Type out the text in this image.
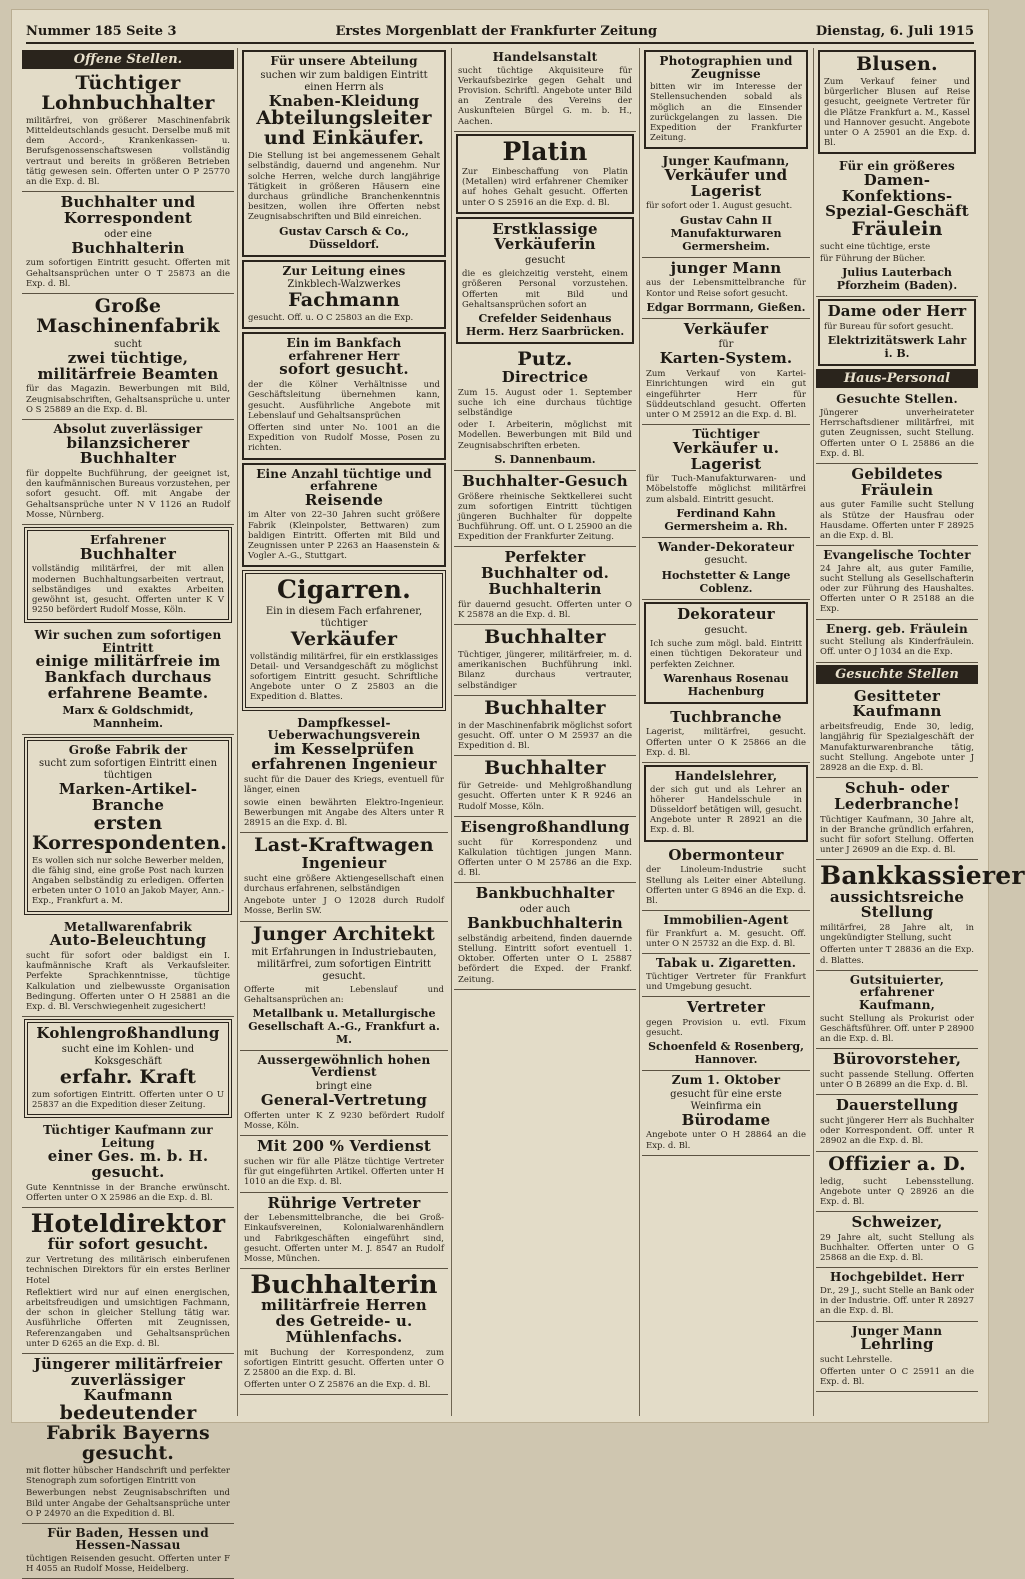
Nummer 185 Seite 3	Erstes Morgenblatt der Frankfurter Zeitung	Dienstag, 6. Juli 1915
Offene Stellen.
Tüchtiger Lohnbuchhalter
militärfrei, von größerer Maschinenfabrik Mitteldeutschlands gesucht. Derselbe muß mit dem Accord-, Krankenkassen- u. Berufsgenossenschaftswesen vollständig vertraut und bereits in größeren Betrieben tätig gewesen sein. Offerten unter O P 25770 an die Exp. d. Bl.
Buchhalter und Korrespondent
oder eine
Buchhalterin
zum sofortigen Eintritt gesucht. Offerten mit Gehaltsansprüchen unter O T 25873 an die Exp. d. Bl.
Große Maschinenfabrik
sucht
zwei tüchtige, militärfreie Beamten
für das Magazin. Bewerbungen mit Bild, Zeugnisabschriften, Gehaltsansprüche u. unter O S 25889 an die Exp. d. Bl.
Absolut zuverlässiger
bilanzsicherer Buchhalter
für doppelte Buchführung, der geeignet ist, den kaufmännischen Bureaus vorzustehen, per sofort gesucht. Off. mit Angabe der Gehaltsansprüche unter N V 1126 an Rudolf Mosse, Nürnberg.
Erfahrener
Buchhalter
vollständig militärfrei, der mit allen modernen Buchhaltungsarbeiten vertraut, selbständiges und exaktes Arbeiten gewöhnt ist, gesucht. Offerten unter K V 9250 befördert Rudolf Mosse, Köln.
Wir suchen zum sofortigen Eintritt
einige militärfreie im Bankfach durchaus erfahrene Beamte.
Marx & Goldschmidt, Mannheim.
Große Fabrik der
sucht zum sofortigen Eintritt einen tüchtigen
Marken-Artikel-Branche
ersten Korrespondenten.
Es wollen sich nur solche Bewerber melden, die fähig sind, eine große Post nach kurzen Angaben selbständig zu erledigen. Offerten erbeten unter O 1010 an Jakob Mayer, Ann.-Exp., Frankfurt a. M.
Metallwarenfabrik
Auto-Beleuchtung
sucht für sofort oder baldigst ein I. kaufmännische Kraft als Verkaufsleiter. Perfekte Sprachkenntnisse, tüchtige Kalkulation und zielbewusste Organisation Bedingung. Offerten unter O H 25881 an die Exp. d. Bl. Verschwiegenheit zugesichert!
Kohlengroßhandlung
sucht eine im Kohlen- und Koksgeschäft
erfahr. Kraft
zum sofortigen Eintritt. Offerten unter O U 25837 an die Expedition dieser Zeitung.
Tüchtiger Kaufmann zur Leitung
einer Ges. m. b. H. gesucht.
Gute Kenntnisse in der Branche erwünscht. Offerten unter O X 25986 an die Exp. d. Bl.
Hoteldirektor
für sofort gesucht.
zur Vertretung des militärisch einberufenen technischen Direktors für ein erstes Berliner Hotel
Reflektiert wird nur auf einen energischen, arbeitsfreudigen und umsichtigen Fachmann, der schon in gleicher Stellung tätig war. Ausführliche Offerten mit Zeugnissen, Referenzangaben und Gehaltsansprüchen unter D 6265 an die Exp. d. Bl.
Jüngerer militärfreier
zuverlässiger Kaufmann
bedeutender Fabrik Bayerns gesucht.
mit flotter hübscher Handschrift und perfekter Stenograph zum sofortigen Eintritt von
Bewerbungen nebst Zeugnisabschriften und Bild unter Angabe der Gehaltsansprüche unter O P 24970 an die Expedition d. Bl.
Für Baden, Hessen und Hessen-Nassau
tüchtigen Reisenden gesucht. Offerten unter F H 4055 an Rudolf Mosse, Heidelberg.
Für unsere Abteilung
suchen wir zum baldigen Eintritt einen Herrn als
Knaben-Kleidung
Abteilungsleiter und Einkäufer.
Die Stellung ist bei angemessenem Gehalt selbständig, dauernd und angenehm. Nur solche Herren, welche durch langjährige Tätigkeit in größeren Häusern eine durchaus gründliche Branchenkenntnis besitzen, wollen ihre Offerten nebst Zeugnisabschriften und Bild einreichen.
Gustav Carsch & Co., Düsseldorf.
Zur Leitung eines
Zinkblech-Walzwerkes
Fachmann
gesucht. Off. u. O C 25803 an die Exp.
Ein im Bankfach erfahrener Herr
sofort gesucht.
der die Kölner Verhältnisse und Geschäftsleitung übernehmen kann, gesucht. Ausführliche Angebote mit Lebenslauf und Gehaltsansprüchen
Offerten sind unter No. 1001 an die Expedition von Rudolf Mosse, Posen zu richten.
Eine Anzahl tüchtige und erfahrene
Reisende
im Alter von 22–30 Jahren sucht größere Fabrik (Kleinpolster, Bettwaren) zum baldigen Eintritt. Offerten mit Bild und Zeugnissen unter P 2263 an Haasenstein & Vogler A.-G., Stuttgart.
Cigarren.
Ein in diesem Fach erfahrener, tüchtiger
Verkäufer
vollständig militärfrei, für ein erstklassiges Detail- und Versandgeschäft zu möglichst sofortigem Eintritt gesucht. Schriftliche Angebote unter O Z 25803 an die Expedition d. Blattes.
Dampfkessel-Ueberwachungsverein
im Kesselprüfen erfahrenen Ingenieur
sucht für die Dauer des Kriegs, eventuell für länger, einen
sowie einen bewährten Elektro-Ingenieur. Bewerbungen mit Angabe des Alters unter R 28915 an die Exp. d. Bl.
Last-Kraftwagen
Ingenieur
sucht eine größere Aktiengesellschaft einen durchaus erfahrenen, selbständigen
Angebote unter J O 12028 durch Rudolf Mosse, Berlin SW.
Junger Architekt
mit Erfahrungen in Industriebauten, militärfrei, zum sofortigen Eintritt gesucht.
Offerte mit Lebenslauf und Gehaltsansprüchen an:
Metallbank u. Metallurgische Gesellschaft A.-G., Frankfurt a. M.
Aussergewöhnlich hohen Verdienst
bringt eine
General-Vertretung
Offerten unter K Z 9230 befördert Rudolf Mosse, Köln.
Mit 200 % Verdienst
suchen wir für alle Plätze tüchtige Vertreter für gut eingeführten Artikel. Offerten unter H 1010 an die Exp. d. Bl.
Rührige Vertreter
der Lebensmittelbranche, die bei Groß-Einkaufsvereinen, Kolonialwarenhändlern und Fabrikgeschäften eingeführt sind, gesucht. Offerten unter M. J. 8547 an Rudolf Mosse, München.
Buchhalterin
militärfreie Herren des Getreide- u. Mühlenfachs.
mit Buchung der Korrespondenz, zum sofortigen Eintritt gesucht. Offerten unter O Z 25800 an die Exp. d. Bl.
Offerten unter O Z 25876 an die Exp. d. Bl.
Handelsanstalt
sucht tüchtige Akquisiteure für Verkaufsbezirke gegen Gehalt und Provision. Schriftl. Angebote unter Bild an Zentrale des Vereins der Auskunfteien Bürgel G. m. b. H., Aachen.
Platin
Zur Einbeschaffung von Platin (Metallen) wird erfahrener Chemiker auf hohes Gehalt gesucht. Offerten unter O S 25916 an die Exp. d. Bl.
Erstklassige Verkäuferin
gesucht
die es gleichzeitig versteht, einem größeren Personal vorzustehen. Offerten mit Bild und Gehaltsansprüchen sofort an
Crefelder Seidenhaus Herm. Herz Saarbrücken.
Putz.
Directrice
Zum 15. August oder 1. September suche ich eine durchaus tüchtige selbständige
oder I. Arbeiterin, möglichst mit Modellen. Bewerbungen mit Bild und Zeugnisabschriften erbeten.
S. Dannenbaum.
Buchhalter-Gesuch
Größere rheinische Sektkellerei sucht zum sofortigen Eintritt tüchtigen jüngeren Buchhalter für doppelte Buchführung. Off. unt. O L 25900 an die Expedition der Frankfurter Zeitung.
Perfekter Buchhalter od. Buchhalterin
für dauernd gesucht. Offerten unter O K 25878 an die Exp. d. Bl.
Buchhalter
Tüchtiger, jüngerer, militärfreier, m. d. amerikanischen Buchführung inkl. Bilanz durchaus vertrauter, selbständiger
Buchhalter
in der Maschinenfabrik möglichst sofort gesucht. Off. unter O M 25937 an die Expedition d. Bl.
Buchhalter
für Getreide- und Mehlgroßhandlung gesucht. Offerten unter K R 9246 an Rudolf Mosse, Köln.
Eisengroßhandlung
sucht für Korrespondenz und Kalkulation tüchtigen jungen Mann. Offerten unter O M 25786 an die Exp. d. Bl.
Bankbuchhalter
oder auch
Bankbuchhalterin
selbständig arbeitend, finden dauernde Stellung. Eintritt sofort eventuell 1. Oktober. Offerten unter O L 25887 befördert die Exped. der Frankf. Zeitung.
Photographien und Zeugnisse
bitten wir im Interesse der Stellensuchenden sobald als möglich an die Einsender zurückgelangen zu lassen. Die Expedition der Frankfurter Zeitung.
Junger Kaufmann,
Verkäufer und Lagerist
für sofort oder 1. August gesucht.
Gustav Cahn II Manufakturwaren Germersheim.
junger Mann
aus der Lebensmittelbranche für Kontor und Reise sofort gesucht.
Edgar Borrmann, Gießen.
Verkäufer
für
Karten-System.
Zum Verkauf von Kartei-Einrichtungen wird ein gut eingeführter Herr für Süddeutschland gesucht. Offerten unter O M 25912 an die Exp. d. Bl.
Tüchtiger
Verkäufer u. Lagerist
für Tuch-Manufakturwaren- und Möbelstoffe möglichst militärfrei zum alsbald. Eintritt gesucht.
Ferdinand Kahn Germersheim a. Rh.
Wander-Dekorateur
gesucht.
Hochstetter & Lange Coblenz.
Dekorateur
gesucht.
Ich suche zum mögl. bald. Eintritt einen tüchtigen Dekorateur und perfekten Zeichner.
Warenhaus Rosenau Hachenburg
Tuchbranche
Lagerist, militärfrei, gesucht. Offerten unter O K 25866 an die Exp. d. Bl.
Handelslehrer,
der sich gut und als Lehrer an höherer Handelsschule in Düsseldorf betätigen will, gesucht. Angebote unter R 28921 an die Exp. d. Bl.
Obermonteur
der Linoleum-Industrie sucht Stellung als Leiter einer Abteilung. Offerten unter G 8946 an die Exp. d. Bl.
Immobilien-Agent
für Frankfurt a. M. gesucht. Off. unter O N 25732 an die Exp. d. Bl.
Tabak u. Zigaretten.
Tüchtiger Vertreter für Frankfurt und Umgebung gesucht.
Vertreter
gegen Provision u. evtl. Fixum gesucht.
Schoenfeld & Rosenberg, Hannover.
Zum 1. Oktober
gesucht für eine erste Weinfirma ein
Bürodame
Angebote unter O H 28864 an die Exp. d. Bl.
Blusen.
Zum Verkauf feiner und bürgerlicher Blusen auf Reise gesucht, geeignete Vertreter für die Plätze Frankfurt a. M., Kassel und Hannover gesucht. Angebote unter O A 25901 an die Exp. d. Bl.
Für ein größeres
Damen-Konfektions-Spezial-Geschäft
Fräulein
sucht eine tüchtige, erste
für Führung der Bücher.
Julius Lauterbach Pforzheim (Baden).
Dame oder Herr
für Bureau für sofort gesucht.
Elektrizitätswerk Lahr i. B.
Haus-Personal
Gesuchte Stellen.
Jüngerer unverheirateter Herrschaftsdiener militärfrei, mit guten Zeugnissen, sucht Stellung. Offerten unter O L 25886 an die Exp. d. Bl.
Gebildetes Fräulein
aus guter Familie sucht Stellung als Stütze der Hausfrau oder Hausdame. Offerten unter F 28925 an die Exp. d. Bl.
Evangelische Tochter
24 Jahre alt, aus guter Familie, sucht Stellung als Gesellschafterin oder zur Führung des Haushaltes. Offerten unter O R 25188 an die Exp.
Energ. geb. Fräulein
sucht Stellung als Kinderfräulein. Off. unter O J 1034 an die Exp.
Gesuchte Stellen
Gesitteter Kaufmann
arbeitsfreudig, Ende 30, ledig, langjährig für Spezialgeschäft der Manufakturwarenbranche tätig, sucht Stellung. Angebote unter J 28928 an die Exp. d. Bl.
Schuh- oder Lederbranche!
Tüchtiger Kaufmann, 30 Jahre alt, in der Branche gründlich erfahren, sucht für sofort Stellung. Offerten unter J 26909 an die Exp. d. Bl.
Bankkassierer
aussichtsreiche Stellung
militärfrei, 28 Jahre alt, in ungekündigter Stellung, sucht
Offerten unter T 28836 an die Exp. d. Blattes.
Gutsituierter, erfahrener Kaufmann,
sucht Stellung als Prokurist oder Geschäftsführer. Off. unter P 28900 an die Exp. d. Bl.
Bürovorsteher,
sucht passende Stellung. Offerten unter O B 26899 an die Exp. d. Bl.
Dauerstellung
sucht jüngerer Herr als Buchhalter oder Korrespondent. Off. unter R 28902 an die Exp. d. Bl.
Offizier a. D.
ledig, sucht Lebensstellung. Angebote unter Q 28926 an die Exp. d. Bl.
Schweizer,
29 Jahre alt, sucht Stellung als Buchhalter. Offerten unter O G 25868 an die Exp. d. Bl.
Hochgebildet. Herr
Dr., 29 J., sucht Stelle an Bank oder in der Industrie. Off. unter R 28927 an die Exp. d. Bl.
Junger Mann
Lehrling
sucht Lehrstelle.
Offerten unter O C 25911 an die Exp. d. Bl.
